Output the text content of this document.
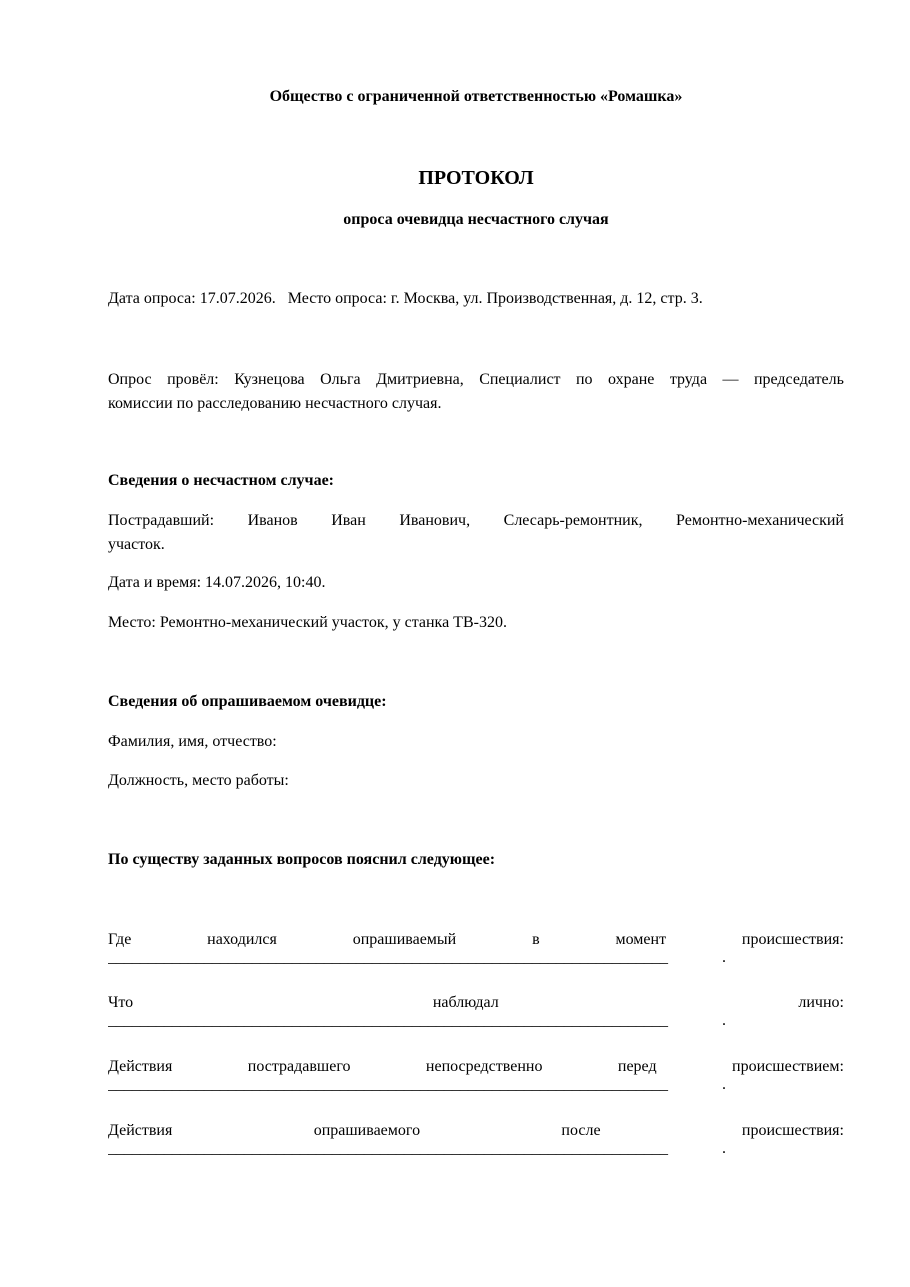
Общество с ограниченной ответственностью «Ромашка»
ПРОТОКОЛ
опроса очевидца несчастного случая
Дата опроса: 17.07.2026.   Место опроса: г. Москва, ул. Производственная, д. 12, стр. 3.
Опрос провёл: Кузнецова Ольга Дмитриевна, Специалист по охране труда — председатель
комиссии по расследованию несчастного случая.
Сведения о несчастном случае:
Пострадавший: Иванов Иван Иванович, Слесарь-ремонтник, Ремонтно-механический
участок.
Дата и время: 14.07.2026, 10:40.
Место: Ремонтно-механический участок, у станка ТВ-320.
Сведения об опрашиваемом очевидце:
Фамилия, имя, отчество:
Должность, место работы:
По существу заданных вопросов пояснил следующее:
Где	находился	опрашиваемый	в	момент	происшествия:
______________________________________________________________________	.
Что	наблюдал	лично:
______________________________________________________________________	.
Действия	пострадавшего	непосредственно	перед	происшествием:
______________________________________________________________________	.
Действия	опрашиваемого	после	происшествия:
______________________________________________________________________	.
